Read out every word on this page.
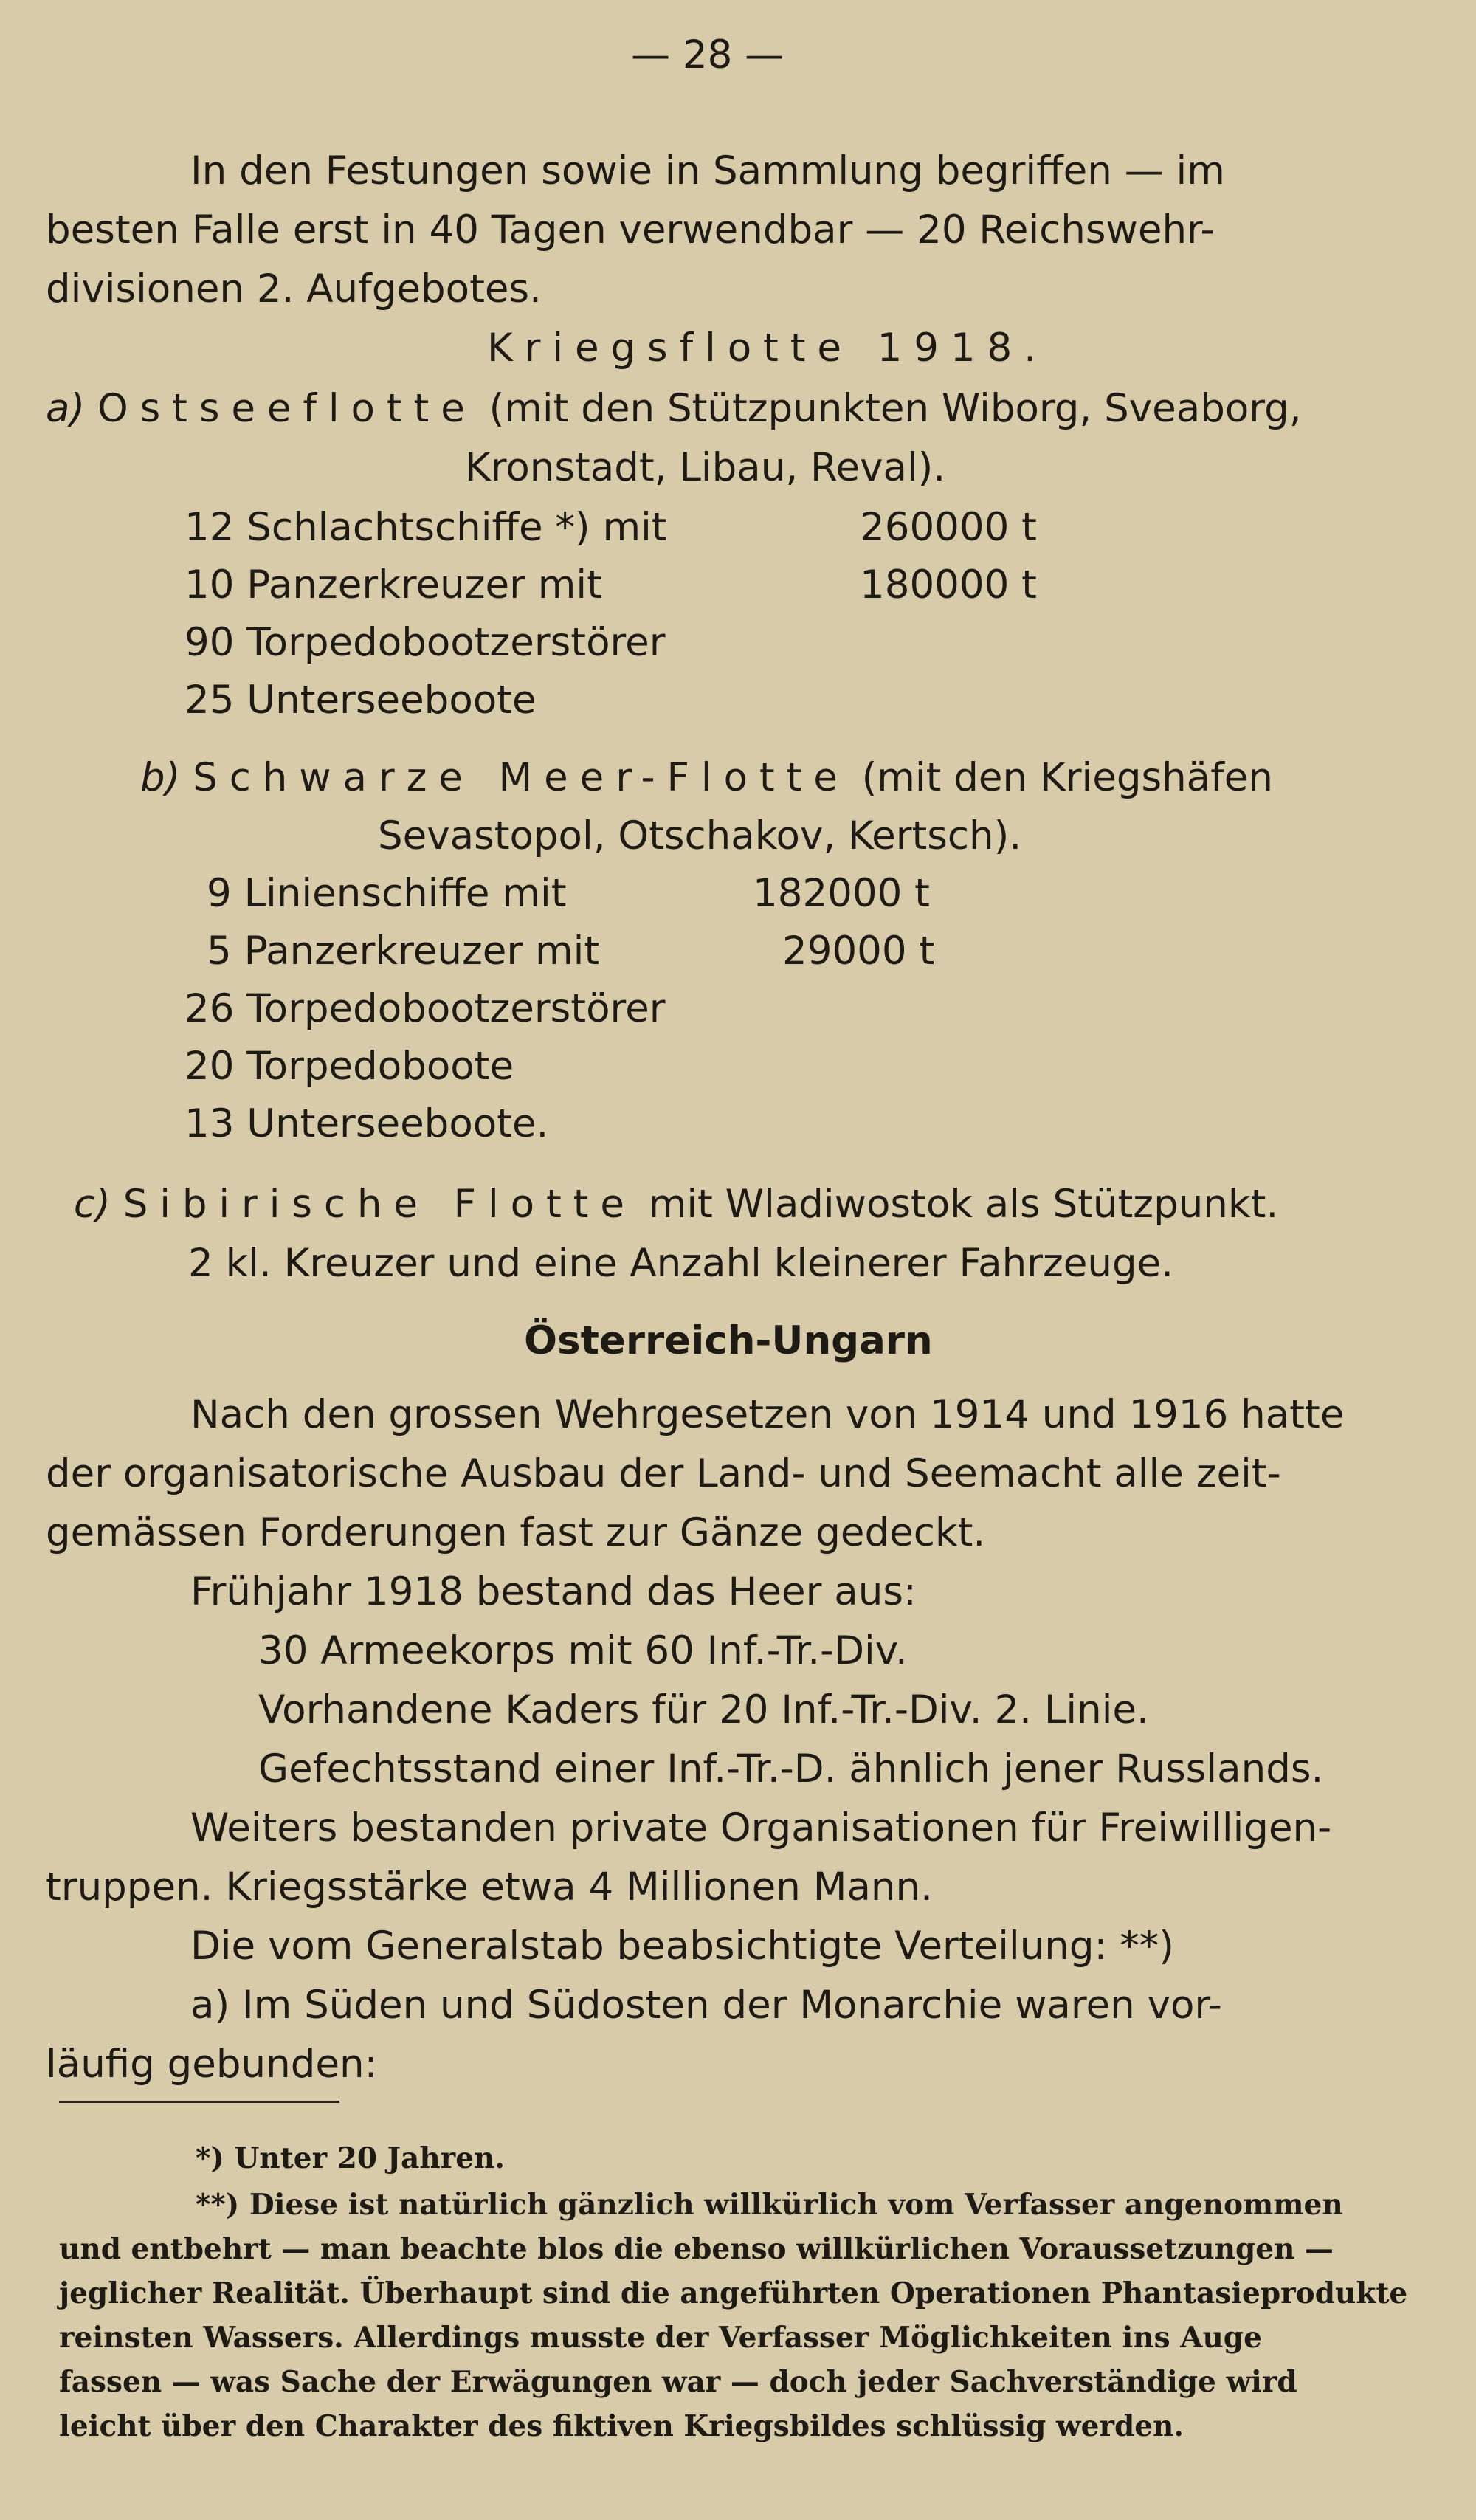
— 28 —
In den Festungen sowie in Sammlung begriffen — im
besten Falle erst in 40 Tagen verwendbar — 20 Reichswehr-
divisionen 2. Aufgebotes.
Kriegsflotte 1918.
a) Ostseeflotte (mit den Stützpunkten Wiborg, Sveaborg,
Kronstadt, Libau, Reval).
12 Schlachtschiffe *) mit	260000 t
10 Panzerkreuzer mit	180000 t
90 Torpedobootzerstörer
25 Unterseeboote
b) Schwarze Meer-Flotte (mit den Kriegshäfen
Sevastopol, Otschakov, Kertsch).
9 Linienschiffe mit	182000 t
5 Panzerkreuzer mit	29000 t
26 Torpedobootzerstörer
20 Torpedoboote
13 Unterseeboote.
c) Sibirische Flotte mit Wladiwostok als Stützpunkt.
2 kl. Kreuzer und eine Anzahl kleinerer Fahrzeuge.
Österreich-Ungarn
Nach den grossen Wehrgesetzen von 1914 und 1916 hatte
der organisatorische Ausbau der Land- und Seemacht alle zeit-
gemässen Forderungen fast zur Gänze gedeckt.
Frühjahr 1918 bestand das Heer aus:
30 Armeekorps mit 60 Inf.-Tr.-Div.
Vorhandene Kaders für 20 Inf.-Tr.-Div. 2. Linie.
Gefechtsstand einer Inf.-Tr.-D. ähnlich jener Russlands.
Weiters bestanden private Organisationen für Freiwilligen-
truppen. Kriegsstärke etwa 4 Millionen Mann.
Die vom Generalstab beabsichtigte Verteilung: **)
a) Im Süden und Südosten der Monarchie waren vor-
läufig gebunden:
*) Unter 20 Jahren.
**) Diese ist natürlich gänzlich willkürlich vom Verfasser angenommen
und entbehrt — man beachte blos die ebenso willkürlichen Voraussetzungen —
jeglicher Realität. Überhaupt sind die angeführten Operationen Phantasieprodukte
reinsten Wassers. Allerdings musste der Verfasser Möglichkeiten ins Auge
fassen — was Sache der Erwägungen war — doch jeder Sachverständige wird
leicht über den Charakter des fiktiven Kriegsbildes schlüssig werden.
